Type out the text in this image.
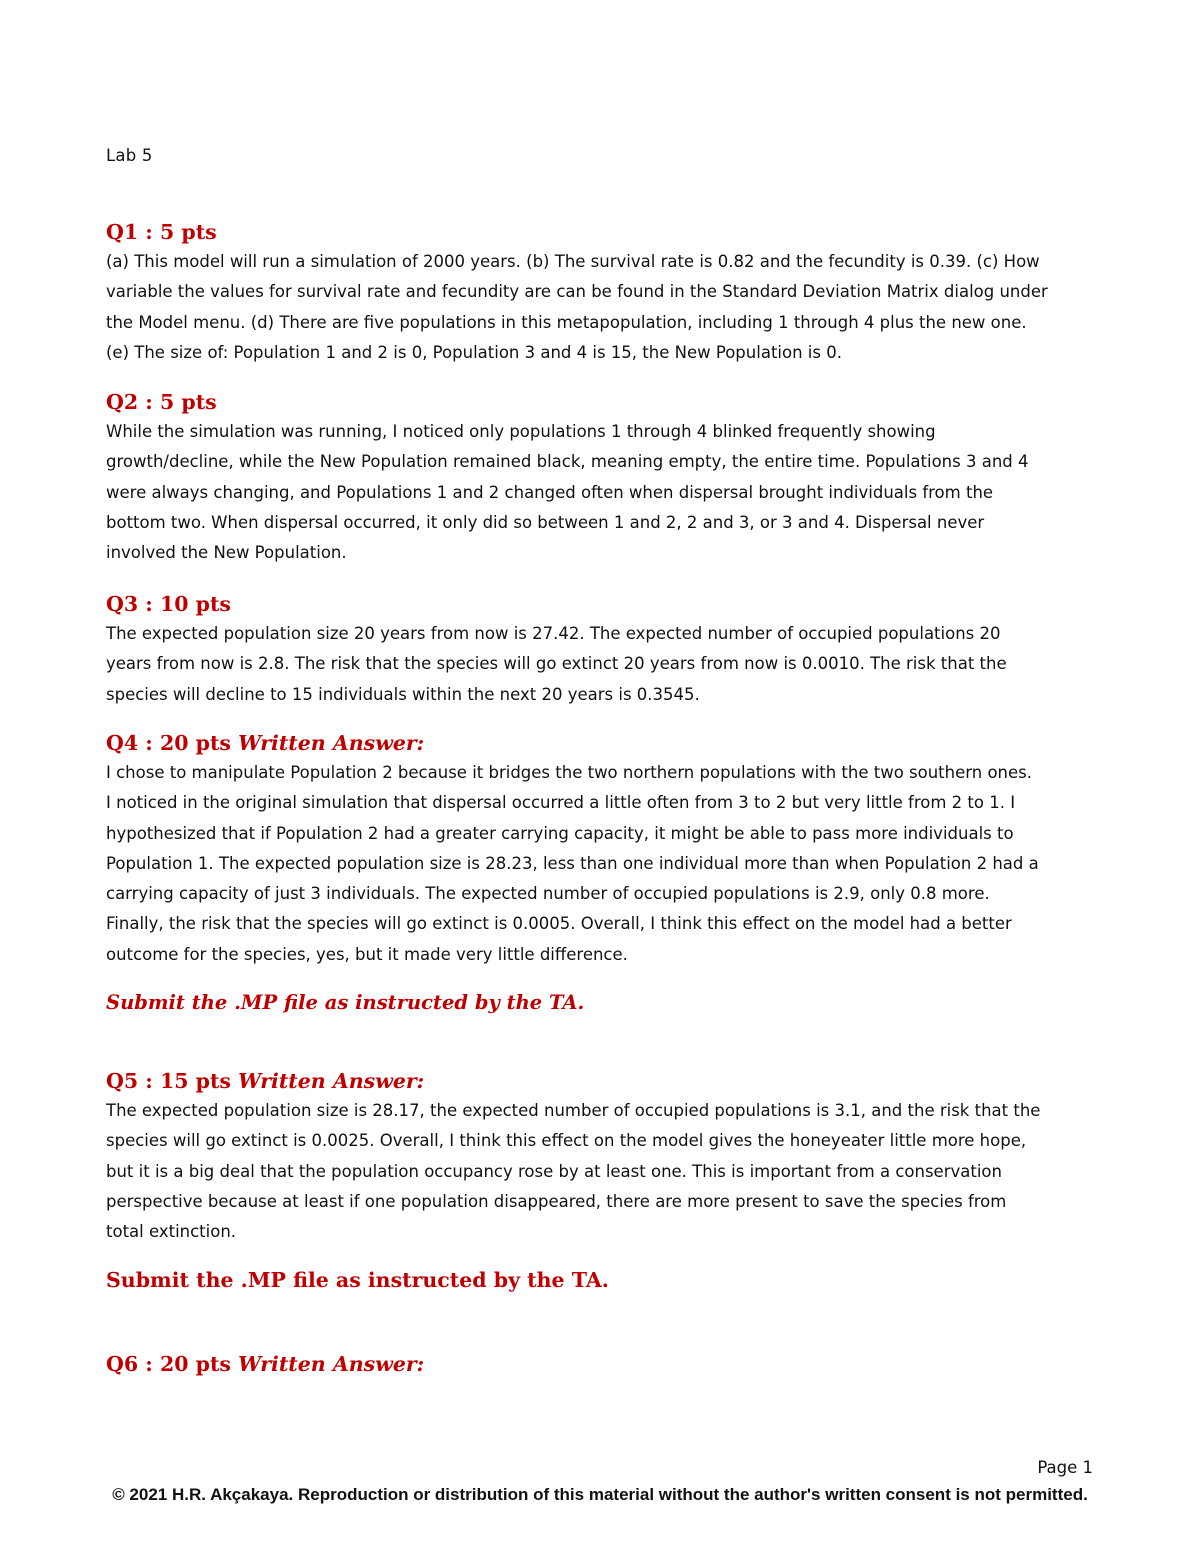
Lab 5
Q1 : 5 pts
(a) This model will run a simulation of 2000 years. (b) The survival rate is 0.82 and the fecundity is 0.39. (c) How
variable the values for survival rate and fecundity are can be found in the Standard Deviation Matrix dialog under
the Model menu. (d) There are five populations in this metapopulation, including 1 through 4 plus the new one.
(e) The size of: Population 1 and 2 is 0, Population 3 and 4 is 15, the New Population is 0.
Q2 : 5 pts
While the simulation was running, I noticed only populations 1 through 4 blinked frequently showing
growth/decline, while the New Population remained black, meaning empty, the entire time. Populations 3 and 4
were always changing, and Populations 1 and 2 changed often when dispersal brought individuals from the
bottom two. When dispersal occurred, it only did so between 1 and 2, 2 and 3, or 3 and 4. Dispersal never
involved the New Population.
Q3 : 10 pts
The expected population size 20 years from now is 27.42. The expected number of occupied populations 20
years from now is 2.8. The risk that the species will go extinct 20 years from now is 0.0010. The risk that the
species will decline to 15 individuals within the next 20 years is 0.3545.
Q4 : 20 pts Written Answer:
I chose to manipulate Population 2 because it bridges the two northern populations with the two southern ones.
I noticed in the original simulation that dispersal occurred a little often from 3 to 2 but very little from 2 to 1. I
hypothesized that if Population 2 had a greater carrying capacity, it might be able to pass more individuals to
Population 1. The expected population size is 28.23, less than one individual more than when Population 2 had a
carrying capacity of just 3 individuals. The expected number of occupied populations is 2.9, only 0.8 more.
Finally, the risk that the species will go extinct is 0.0005. Overall, I think this effect on the model had a better
outcome for the species, yes, but it made very little difference.
Submit the .MP file as instructed by the TA.
Q5 : 15 pts Written Answer:
The expected population size is 28.17, the expected number of occupied populations is 3.1, and the risk that the
species will go extinct is 0.0025. Overall, I think this effect on the model gives the honeyeater little more hope,
but it is a big deal that the population occupancy rose by at least one. This is important from a conservation
perspective because at least if one population disappeared, there are more present to save the species from
total extinction.
Submit the .MP file as instructed by the TA.
Q6 : 20 pts Written Answer:
Page 1
© 2021 H.R. Akçakaya. Reproduction or distribution of this material without the author's written consent is not permitted.
